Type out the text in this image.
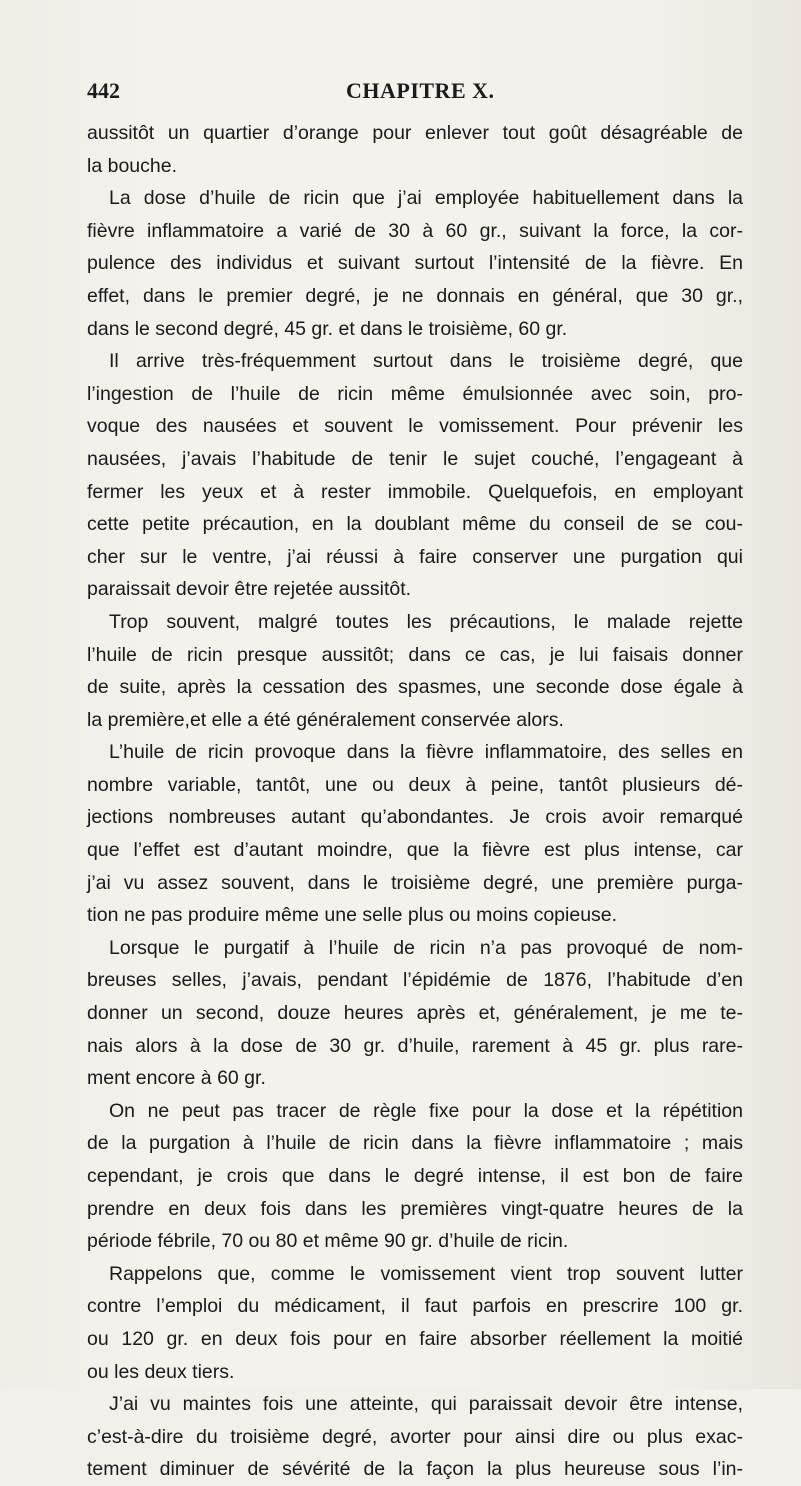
442	CHAPITRE X.
aussitôt un quartier d’orange pour enlever tout goût désagréable de
la bouche.
La dose d’huile de ricin que j’ai employée habituellement dans la
fièvre inflammatoire a varié de 30 à 60 gr., suivant la force, la cor-
pulence des individus et suivant surtout l’intensité de la fièvre. En
effet, dans le premier degré, je ne donnais en général, que 30 gr.,
dans le second degré, 45 gr. et dans le troisième, 60 gr.
Il arrive très-fréquemment surtout dans le troisième degré, que
l’ingestion de l’huile de ricin même émulsionnée avec soin, pro-
voque des nausées et souvent le vomissement. Pour prévenir les
nausées, j’avais l’habitude de tenir le sujet couché, l’engageant à
fermer les yeux et à rester immobile. Quelquefois, en employant
cette petite précaution, en la doublant même du conseil de se cou-
cher sur le ventre, j’ai réussi à faire conserver une purgation qui
paraissait devoir être rejetée aussitôt.
Trop souvent, malgré toutes les précautions, le malade rejette
l’huile de ricin presque aussitôt; dans ce cas, je lui faisais donner
de suite, après la cessation des spasmes, une seconde dose égale à
la première,et elle a été généralement conservée alors.
L’huile de ricin provoque dans la fièvre inflammatoire, des selles en
nombre variable, tantôt, une ou deux à peine, tantôt plusieurs dé-
jections nombreuses autant qu’abondantes. Je crois avoir remarqué
que l’effet est d’autant moindre, que la fièvre est plus intense, car
j’ai vu assez souvent, dans le troisième degré, une première purga-
tion ne pas produire même une selle plus ou moins copieuse.
Lorsque le purgatif à l’huile de ricin n’a pas provoqué de nom-
breuses selles, j’avais, pendant l’épidémie de 1876, l’habitude d’en
donner un second, douze heures après et, généralement, je me te-
nais alors à la dose de 30 gr. d’huile, rarement à 45 gr. plus rare-
ment encore à 60 gr.
On ne peut pas tracer de règle fixe pour la dose et la répétition
de la purgation à l’huile de ricin dans la fièvre inflammatoire ; mais
cependant, je crois que dans le degré intense, il est bon de faire
prendre en deux fois dans les premières vingt-quatre heures de la
période fébrile, 70 ou 80 et même 90 gr. d’huile de ricin.
Rappelons que, comme le vomissement vient trop souvent lutter
contre l’emploi du médicament, il faut parfois en prescrire 100 gr.
ou 120 gr. en deux fois pour en faire absorber réellement la moitié
ou les deux tiers.
J’ai vu maintes fois une atteinte, qui paraissait devoir être intense,
c’est-à-dire du troisième degré, avorter pour ainsi dire ou plus exac-
tement diminuer de sévérité de la façon la plus heureuse sous l’in-
